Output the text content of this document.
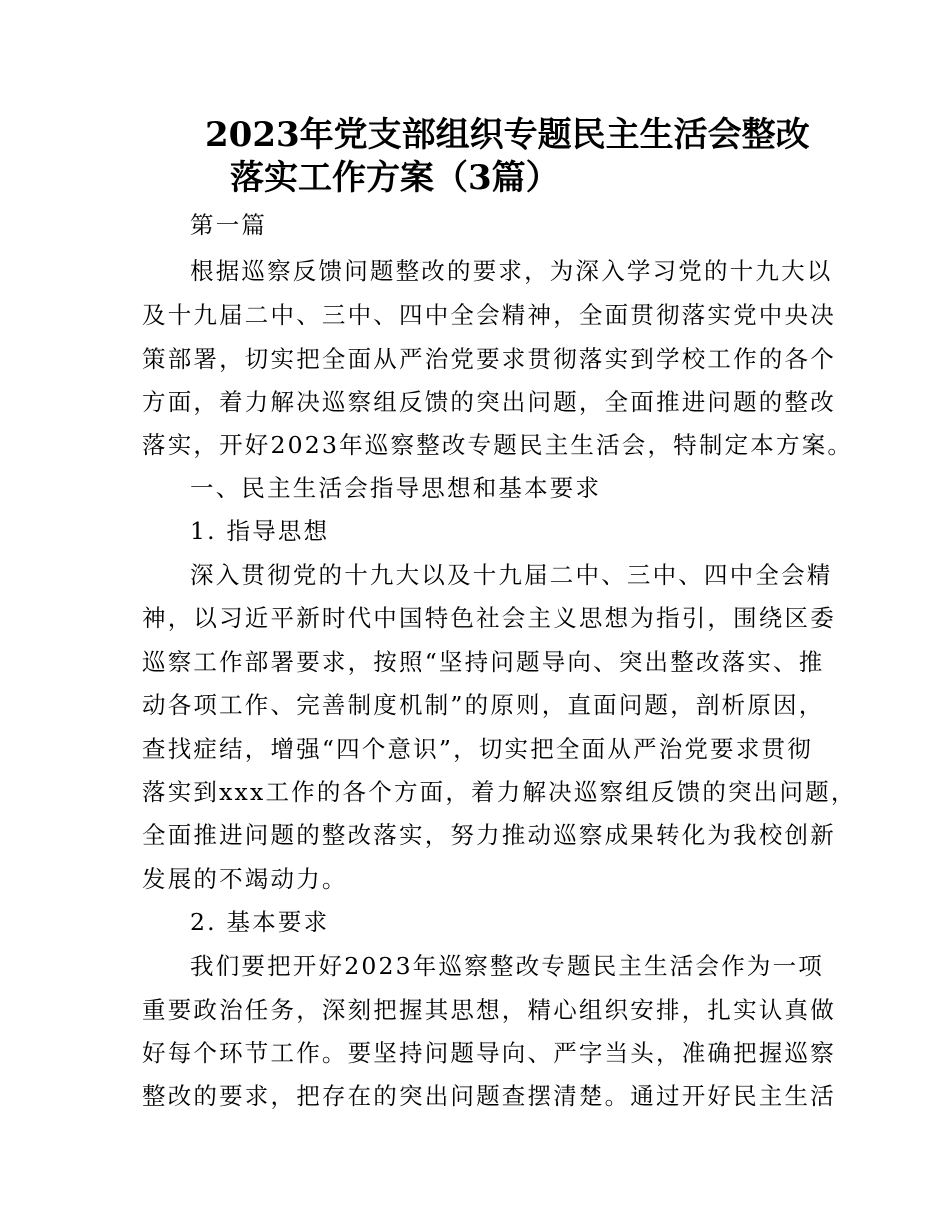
2023年党支部组织专题民主生活会整改
落实工作方案（3篇）
第一篇
根据巡察反馈问题整改的要求，为深入学习党的十九大以
及十九届二中、三中、四中全会精神，全面贯彻落实党中央决
策部署，切实把全面从严治党要求贯彻落实到学校工作的各个
方面，着力解决巡察组反馈的突出问题，全面推进问题的整改
落实，开好2023年巡察整改专题民主生活会，特制定本方案。
一、民主生活会指导思想和基本要求
1. 指导思想
深入贯彻党的十九大以及十九届二中、三中、四中全会精
神，以习近平新时代中国特色社会主义思想为指引，围绕区委
巡察工作部署要求，按照“坚持问题导向、突出整改落实、推
动各项工作、完善制度机制”的原则，直面问题，剖析原因，
查找症结，增强“四个意识”，切实把全面从严治党要求贯彻
落实到xxx工作的各个方面，着力解决巡察组反馈的突出问题，
全面推进问题的整改落实，努力推动巡察成果转化为我校创新
发展的不竭动力。
2. 基本要求
我们要把开好2023年巡察整改专题民主生活会作为一项
重要政治任务，深刻把握其思想，精心组织安排，扎实认真做
好每个环节工作。要坚持问题导向、严字当头，准确把握巡察
整改的要求，把存在的突出问题查摆清楚。通过开好民主生活
